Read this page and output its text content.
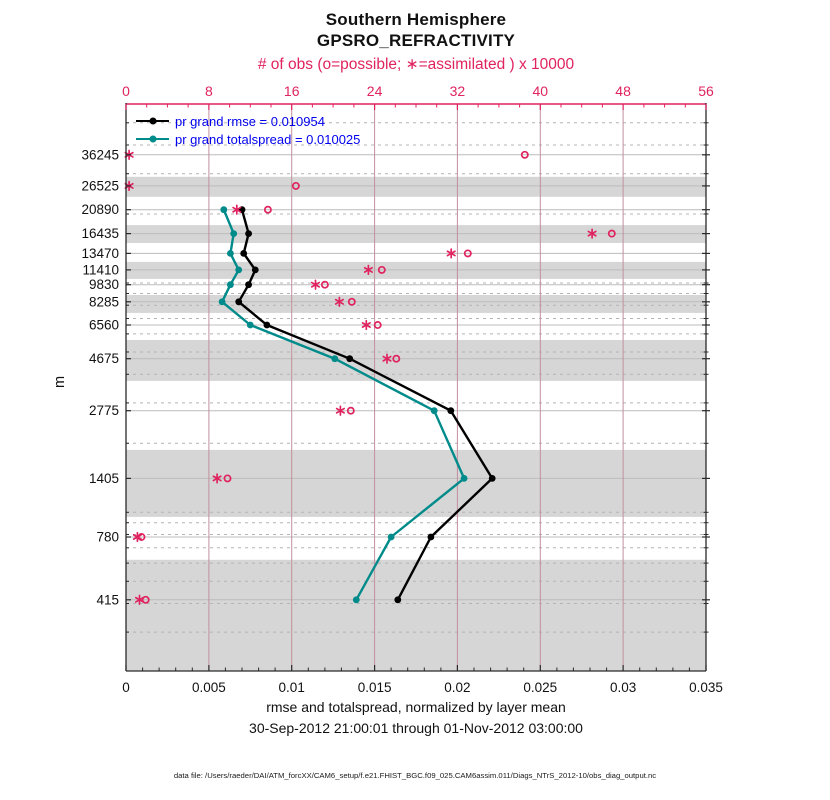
0	0.005	0.01	0.015	0.02	0.025	0.03	0.035
0	8	16	24	32	40	48	56
36245
26525
20890
16435
13470
11410
9830
8285
6560
4675
2775
1405
780
415
Southern Hemisphere
GPSRO_REFRACTIVITY
# of obs (o=possible; ∗=assimilated ) x 10000
pr grand rmse = 0.010954
pr grand totalspread = 0.010025
m
rmse and totalspread, normalized by layer mean
30-Sep-2012 21:00:01 through 01-Nov-2012 03:00:00
data file: /Users/raeder/DAI/ATM_forcXX/CAM6_setup/f.e21.FHIST_BGC.f09_025.CAM6assim.011/Diags_NTrS_2012-10/obs_diag_output.nc
